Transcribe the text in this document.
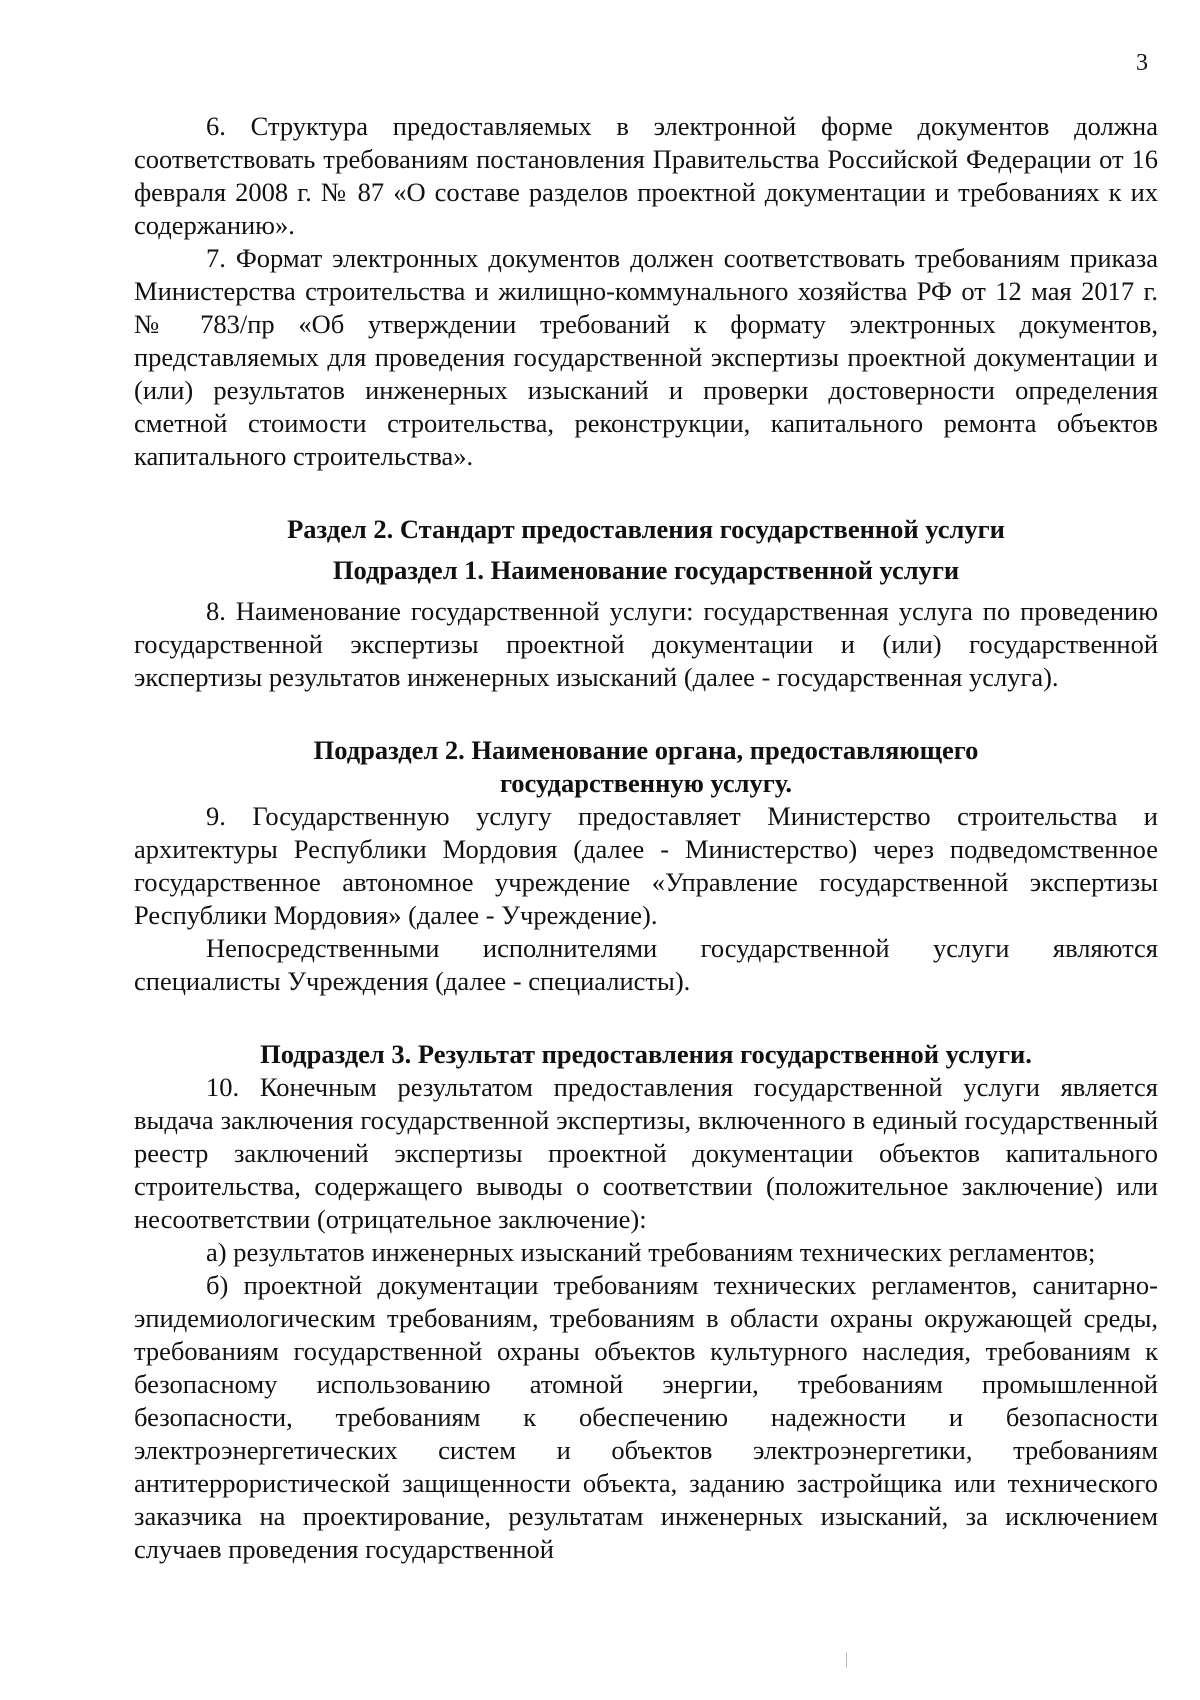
3

6. Структура предоставляемых в электронной форме документов должна соответствовать требованиям постановления Правительства Российской Федерации от 16 февраля 2008 г. № 87 «О составе разделов проектной документации и требованиях к их содержанию».

7. Формат электронных документов должен соответствовать требованиям приказа Министерства строительства и жилищно-коммунального хозяйства РФ от 12 мая 2017 г. № 783/пр «Об утверждении требований к формату электронных документов, представляемых для проведения государственной экспертизы проектной документации и (или) результатов инженерных изысканий и проверки достоверности определения сметной стоимости строительства, реконструкции, капитального ремонта объектов капитального строительства».

Раздел 2. Стандарт предоставления государственной услуги
Подраздел 1. Наименование государственной услуги

8. Наименование государственной услуги: государственная услуга по проведению государственной экспертизы проектной документации и (или) государственной экспертизы результатов инженерных изысканий (далее - государственная услуга).

Подраздел 2. Наименование органа, предоставляющего
государственную услугу.

9. Государственную услугу предоставляет Министерство строительства и архитектуры Республики Мордовия (далее - Министерство) через подведомственное государственное автономное учреждение «Управление государственной экспертизы Республики Мордовия» (далее - Учреждение).

Непосредственными исполнителями государственной услуги являются специалисты Учреждения (далее - специалисты).

Подраздел 3. Результат предоставления государственной услуги.

10. Конечным результатом предоставления государственной услуги является выдача заключения государственной экспертизы, включенного в единый государственный реестр заключений экспертизы проектной документации объектов капитального строительства, содержащего выводы о соответствии (положительное заключение) или несоответствии (отрицательное заключение):

а) результатов инженерных изысканий требованиям технических регламентов;

б) проектной документации требованиям технических регламентов, санитарно-эпидемиологическим требованиям, требованиям в области охраны окружающей среды, требованиям государственной охраны объектов культурного наследия, требованиям к безопасному использованию атомной энергии, требованиям промышленной безопасности, требованиям к обеспечению надежности и безопасности электроэнергетических систем и объектов электроэнергетики, требованиям антитеррористической защищенности объекта, заданию застройщика или технического заказчика на проектирование, результатам инженерных изысканий, за исключением случаев проведения государственной
